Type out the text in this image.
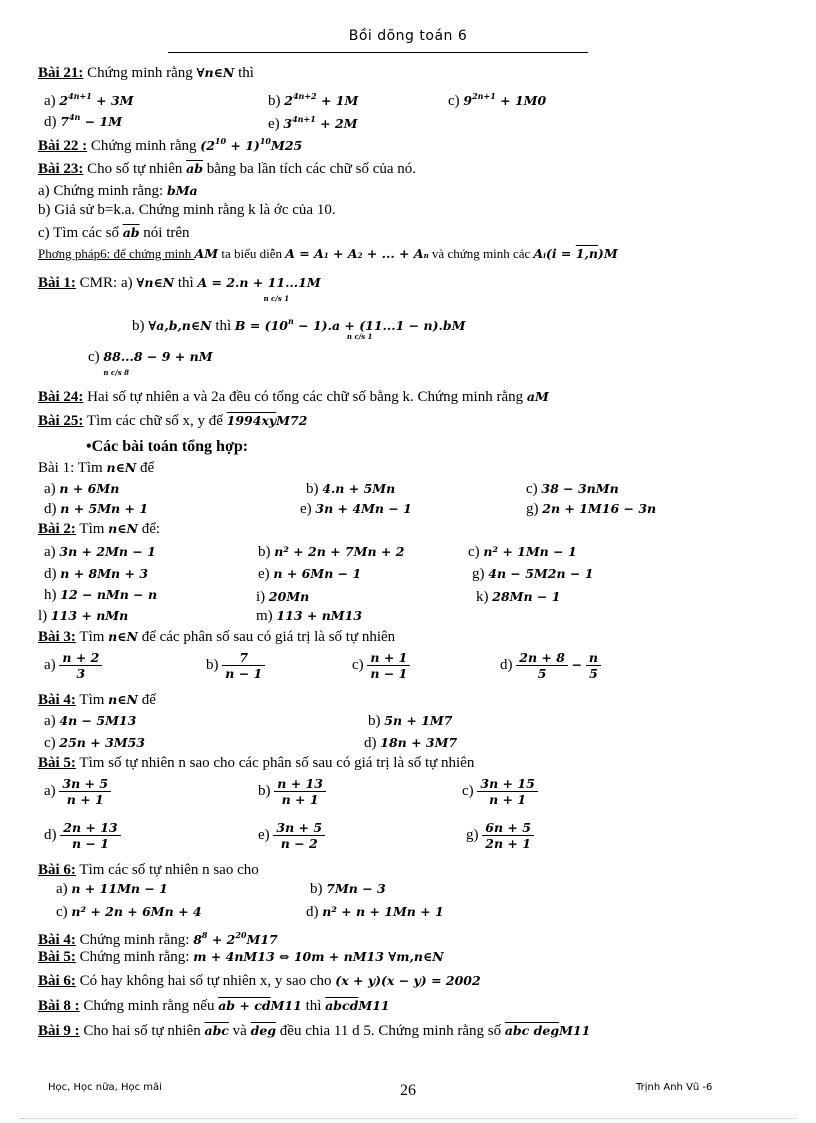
Bồi dõng toán 6
Bài 21: Chứng minh rằng ∀n∈N thì
a) $2^{4n+1} + 3M$	b) $2^{4n+2} + 1M$	c) $9^{2n+1} + 1M0$
d) $7^{4n} - 1M$	e) $3^{4n+1} + 2M$
Bài 22 : Chứng minh rằng $(2^{10} + 1)^{10}M25$
Bài 23: Cho số tự nhiên $\overline{ab}$ bằng ba lần tích các chữ số của nó.
a) Chứng minh rằng: bMa
b) Giả sử b=k.a. Chứng minh rằng k là ớc của 10.
c) Tìm các số $\overline{ab}$ nói trên
Phơng pháp6: để chứng minh AM ta biểu diễn A = A1 + A2 + ... + An và chứng minh các Ai(i = 1,n)M
Bài 1: CMR: a) ∀n∈N thì A = 2.n + 11...1M
n c/s 1
b) ∀a,b,n∈N thì $B = (10^n - 1).a + (11...1 - n).bM$
n c/s 1
c) 88...8 − 9 + nM
n c/s 8
Bài 24: Hai số tự nhiên a và 2a đều có tổng các chữ số bằng k. Chứng minh rằng aM
Bài 25: Tìm các chữ số x, y để 1994xyM72
•Các bài toán tổng hợp:
Bài 1: Tìm n∈N để
a) n + 6Mn	b) 4.n + 5Mn	c) 38 − 3nMn
d) n + 5Mn + 1	e) 3n + 4Mn − 1	g) 2n + 1M16 − 3n
Bài 2: Tìm n∈N để:
a) 3n + 2Mn − 1	b) n² + 2n + 7Mn + 2	c) n² + 1Mn − 1
d) n + 8Mn + 3	e) n + 6Mn − 1	g) 4n − 5M2n − 1
h) 12 − nMn − n	i) 20Mn	k) 28Mn − 1
l) 113 + nMn	m) 113 + nM13
Bài 3: Tìm n∈N để các phân số sau có giá trị là số tự nhiên
$a) \frac{n + 2}{3}$	$b) \frac{7}{n - 1}$	$c) \frac{n + 1}{n - 1}$	$d) \frac{2n + 8}{5} - \frac{n}{5}$
Bài 4: Tìm n∈N để
a) 4n − 5M13	b) 5n + 1M7
c) 25n + 3M53	d) 18n + 3M7
Bài 5: Tìm số tự nhiên n sao cho các phân số sau có giá trị là số tự nhiên
$a) \frac{3n + 5}{n + 1}$	$b) \frac{n + 13}{n + 1}$	$c) \frac{3n + 15}{n + 1}$
$d) \frac{2n + 13}{n - 1}$	$e) \frac{3n + 5}{n - 2}$	$g) \frac{6n + 5}{2n + 1}$
Bài 6: Tìm các số tự nhiên n sao cho
a) n + 11Mn − 1	b) 7Mn − 3
c) n² + 2n + 6Mn + 4	d) n² + n + 1Mn + 1
Bài 4: Chứng minh rằng: $8^8 + 2^{20}M17$
Bài 5: Chứng minh rằng: m + 4nM13 ⇔ 10m + nM13 ∀m,n∈N
Bài 6: Có hay không hai số tự nhiên x, y sao cho (x + y)(x − y) = 2002
Bài 8 : Chứng minh rằng nếu $\overline{ab} + cdM11$ thì abcdM11
Bài 9 : Cho hai số tự nhiên $\overline{abc}$ và $\overline{deg}$ đều chia 11 d 5. Chứng minh rằng số abc degM11
Học, Học nữa, Học mãi	26	Trịnh Anh Vũ -6
